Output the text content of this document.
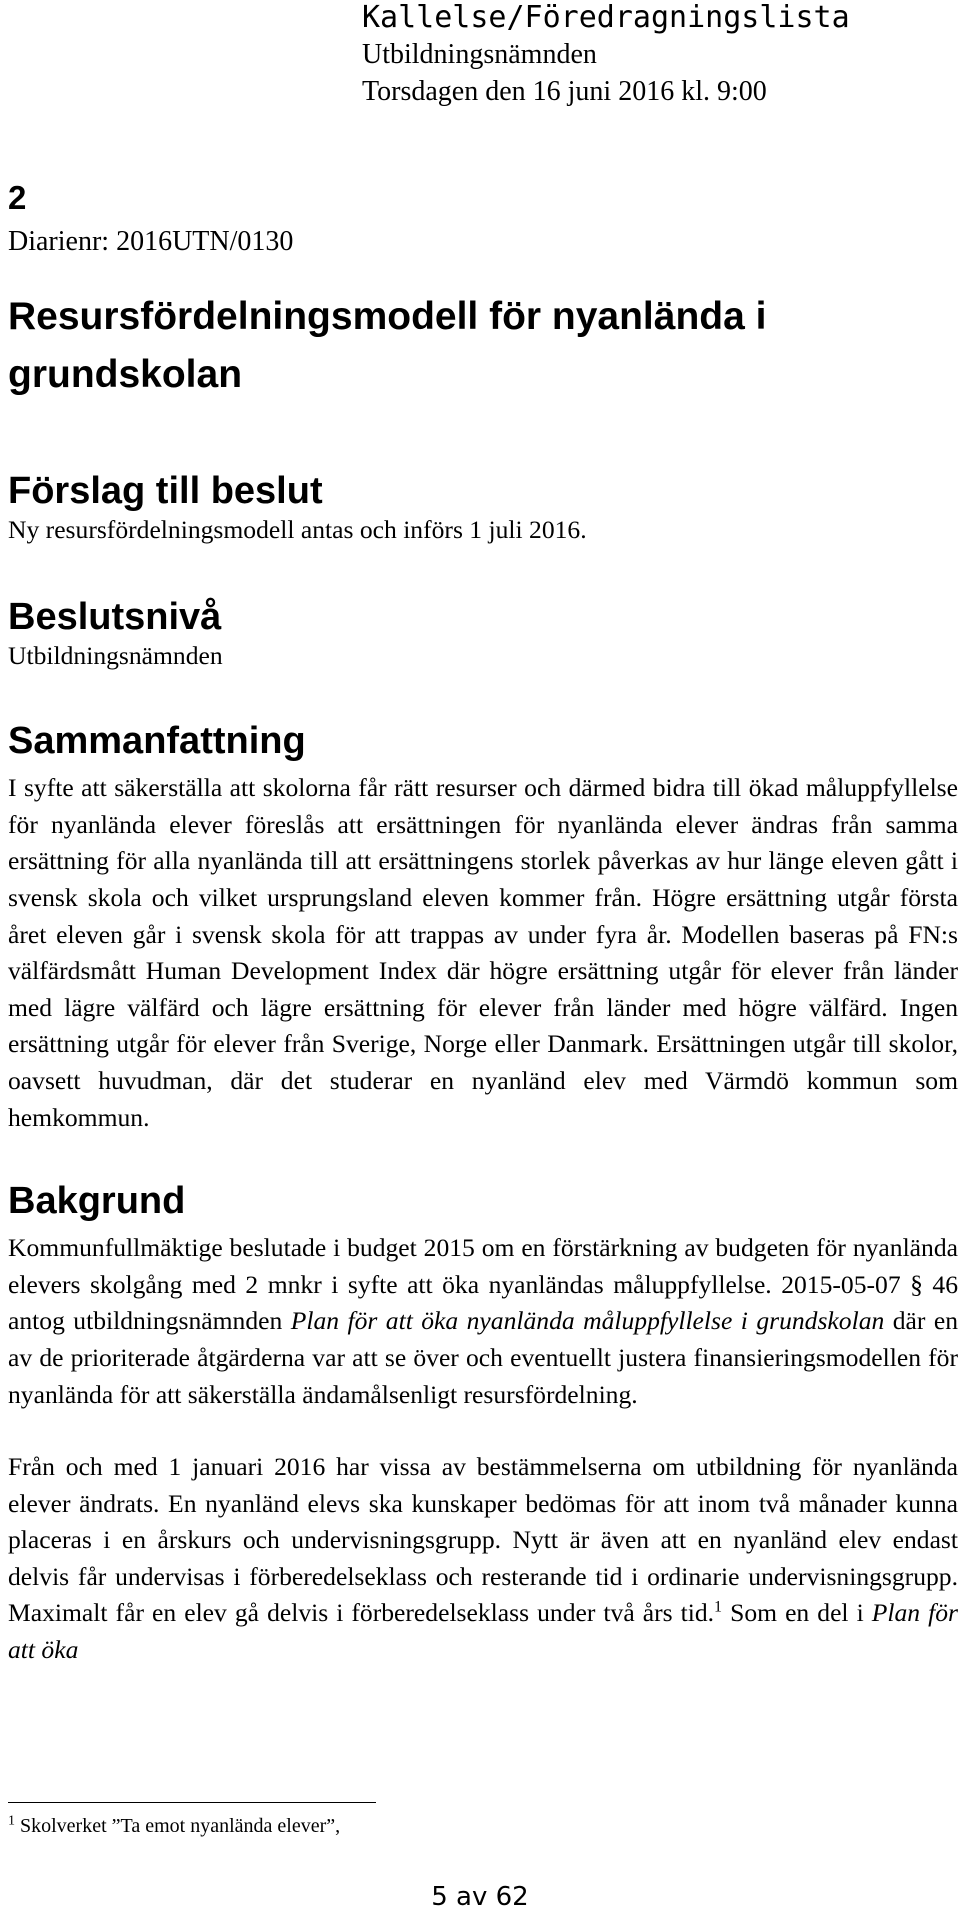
Kallelse/Föredragningslista

Utbildningsnämnden

Torsdagen den 16 juni 2016 kl. 9:00

2

Diarienr: 2016UTN/0130

Resursfördelningsmodell för nyanlända i grundskolan
Förslag till beslut

Ny resursfördelningsmodell antas och införs 1 juli 2016.

Beslutsnivå

Utbildningsnämnden

Sammanfattning

I syfte att säkerställa att skolorna får rätt resurser och därmed bidra till ökad måluppfyllelse för nyanlända elever föreslås att ersättningen för nyanlända elever ändras från samma ersättning för alla nyanlända till att ersättningens storlek påverkas av hur länge eleven gått i svensk skola och vilket ursprungsland eleven kommer från. Högre ersättning utgår första året eleven går i svensk skola för att trappas av under fyra år. Modellen baseras på FN:s välfärdsmått Human Development Index där högre ersättning utgår för elever från länder med lägre välfärd och lägre ersättning för elever från länder med högre välfärd. Ingen ersättning utgår för elever från Sverige, Norge eller Danmark. Ersättningen utgår till skolor, oavsett huvudman, där det studerar en nyanländ elev med Värmdö kommun som hemkommun.

Bakgrund

Kommunfullmäktige beslutade i budget 2015 om en förstärkning av budgeten för nyanlända elevers skolgång med 2 mnkr i syfte att öka nyanländas måluppfyllelse. 2015-05-07 § 46 antog utbildningsnämnden Plan för att öka nyanlända måluppfyllelse i grundskolan där en av de prioriterade åtgärderna var att se över och eventuellt justera finansieringsmodellen för nyanlända för att säkerställa ändamålsenligt resursfördelning.

Från och med 1 januari 2016 har vissa av bestämmelserna om utbildning för nyanlända elever ändrats. En nyanländ elevs ska kunskaper bedömas för att inom två månader kunna placeras i en årskurs och undervisningsgrupp. Nytt är även att en nyanländ elev endast delvis får undervisas i förberedelseklass och resterande tid i ordinarie undervisningsgrupp. Maximalt får en elev gå delvis i förberedelseklass under två års tid.$^1$ Som en del i Plan för att öka

$^1$ Skolverket ”Ta emot nyanlända elever”,

5 av 62
